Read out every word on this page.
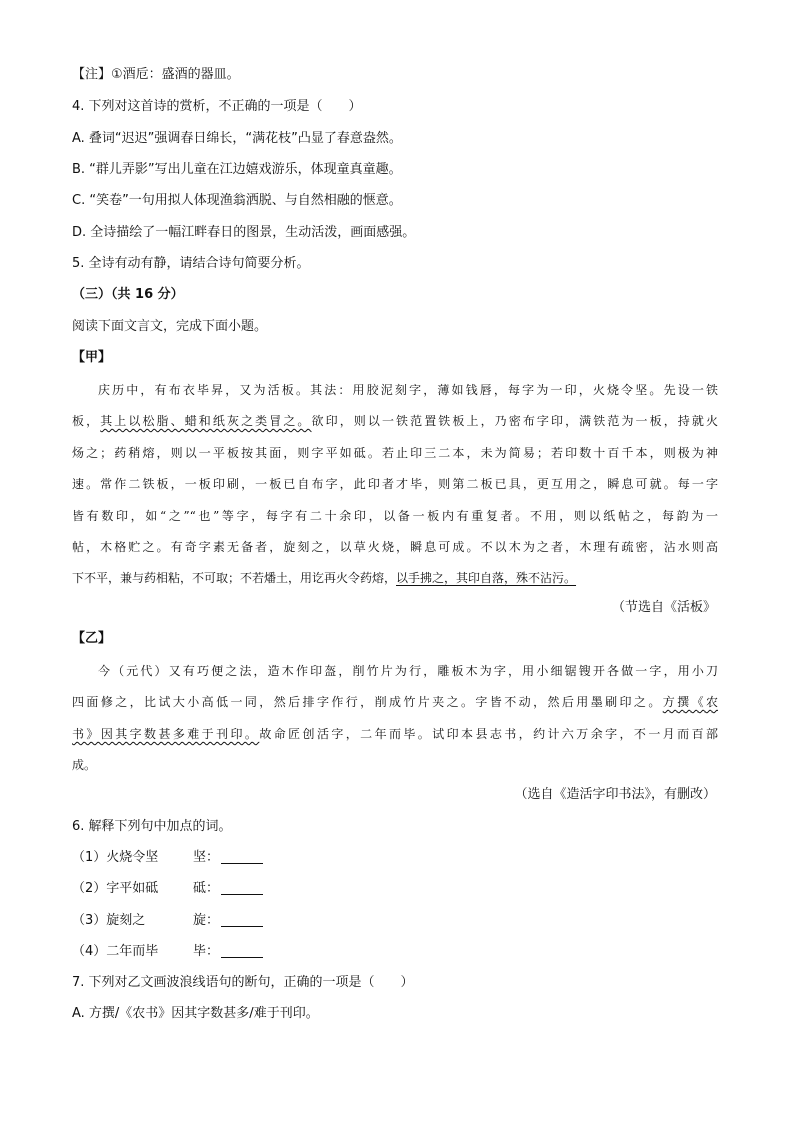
【注】①酒卮：盛酒的器皿。
4. 下列对这首诗的赏析，不正确的一项是（　　）
A. 叠词“迟迟”强调春日绵长，“满花枝”凸显了春意盎然。
B. “群儿弄影”写出儿童在江边嬉戏游乐，体现童真童趣。
C. “笑卷”一句用拟人体现渔翁洒脱、与自然相融的惬意。
D. 全诗描绘了一幅江畔春日的图景，生动活泼，画面感强。
5. 全诗有动有静，请结合诗句简要分析。
（三）（共 16 分）
阅读下面文言文，完成下面小题。
【甲】
庆历中，有布衣毕昇，又为活板。其法：用胶泥刻字，薄如钱唇，每字为一印，火烧令坚。先设一铁
板，其上以松脂、蜡和纸灰之类冒之。欲印，则以一铁范置铁板上，乃密布字印，满铁范为一板，持就火
炀之；药稍熔，则以一平板按其面，则字平如砥。若止印三二本，未为简易；若印数十百千本，则极为神
速。常作二铁板，一板印刷，一板已自布字，此印者才毕，则第二板已具，更互用之，瞬息可就。每一字
皆有数印，如“之”“也”等字，每字有二十余印，以备一板内有重复者。不用，则以纸帖之，每韵为一
帖，木格贮之。有奇字素无备者，旋刻之，以草火烧，瞬息可成。不以木为之者，木理有疏密，沾水则高
下不平，兼与药相粘，不可取；不若燔土，用讫再火令药熔，以手拂之，其印自落，殊不沾污。
（节选自《活板》
【乙】
今（元代）又有巧便之法，造木作印盔，削竹片为行，雕板木为字，用小细锯锼开各做一字，用小刀
四面修之，比试大小高低一同，然后排字作行，削成竹片夹之。字皆不动，然后用墨刷印之。方撰《农
书》因其字数甚多难于刊印。故命匠创活字，二年而毕。试印本县志书，约计六万余字，不一月而百部
成。
（选自《造活字印书法》，有删改）
6. 解释下列句中加点的词。
（1）火烧令坚	坚：
（2）字平如砥	砥：
（3）旋刻之	旋：
（4）二年而毕	毕：
7. 下列对乙文画波浪线语句的断句，正确的一项是（　　）
A. 方撰/《农书》因其字数甚多/难于刊印。
